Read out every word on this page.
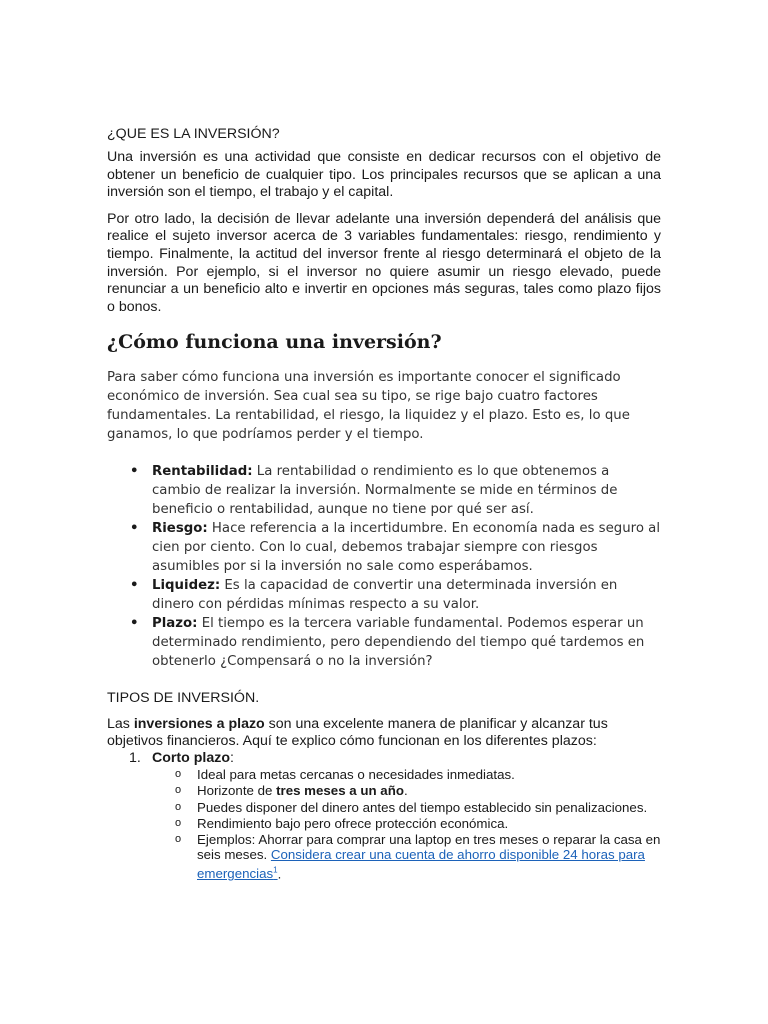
¿QUE ES LA INVERSIÓN?

Una inversión es una actividad que consiste en dedicar recursos con el objetivo de obtener un beneficio de cualquier tipo. Los principales recursos que se aplican a una inversión son el tiempo, el trabajo y el capital.

Por otro lado, la decisión de llevar adelante una inversión dependerá del análisis que realice el sujeto inversor acerca de 3 variables fundamentales: riesgo, rendimiento y tiempo. Finalmente, la actitud del inversor frente al riesgo determinará el objeto de la inversión. Por ejemplo, si el inversor no quiere asumir un riesgo elevado, puede renunciar a un beneficio alto e invertir en opciones más seguras, tales como plazo fijos o bonos.

¿Cómo funciona una inversión?

Para saber cómo funciona una inversión es importante conocer el significado económico de inversión. Sea cual sea su tipo, se rige bajo cuatro factores fundamentales. La rentabilidad, el riesgo, la liquidez y el plazo. Esto es, lo que ganamos, lo que podríamos perder y el tiempo.

• Rentabilidad: La rentabilidad o rendimiento es lo que obtenemos a cambio de realizar la inversión. Normalmente se mide en términos de beneficio o rentabilidad, aunque no tiene por qué ser así.
• Riesgo: Hace referencia a la incertidumbre. En economía nada es seguro al cien por ciento. Con lo cual, debemos trabajar siempre con riesgos asumibles por si la inversión no sale como esperábamos.
• Liquidez: Es la capacidad de convertir una determinada inversión en dinero con pérdidas mínimas respecto a su valor.
• Plazo: El tiempo es la tercera variable fundamental. Podemos esperar un determinado rendimiento, pero dependiendo del tiempo qué tardemos en obtenerlo ¿Compensará o no la inversión?
TIPOS DE INVERSIÓN.

Las inversiones a plazo son una excelente manera de planificar y alcanzar tus objetivos financieros. Aquí te explico cómo funcionan en los diferentes plazos:

1. Corto plazo:
o Ideal para metas cercanas o necesidades inmediatas.
o Horizonte de tres meses a un año.
o Puedes disponer del dinero antes del tiempo establecido sin penalizaciones.
o Rendimiento bajo pero ofrece protección económica.
o Ejemplos: Ahorrar para comprar una laptop en tres meses o reparar la casa en seis meses. Considera crear una cuenta de ahorro disponible 24 horas para emergencias$^1$.
